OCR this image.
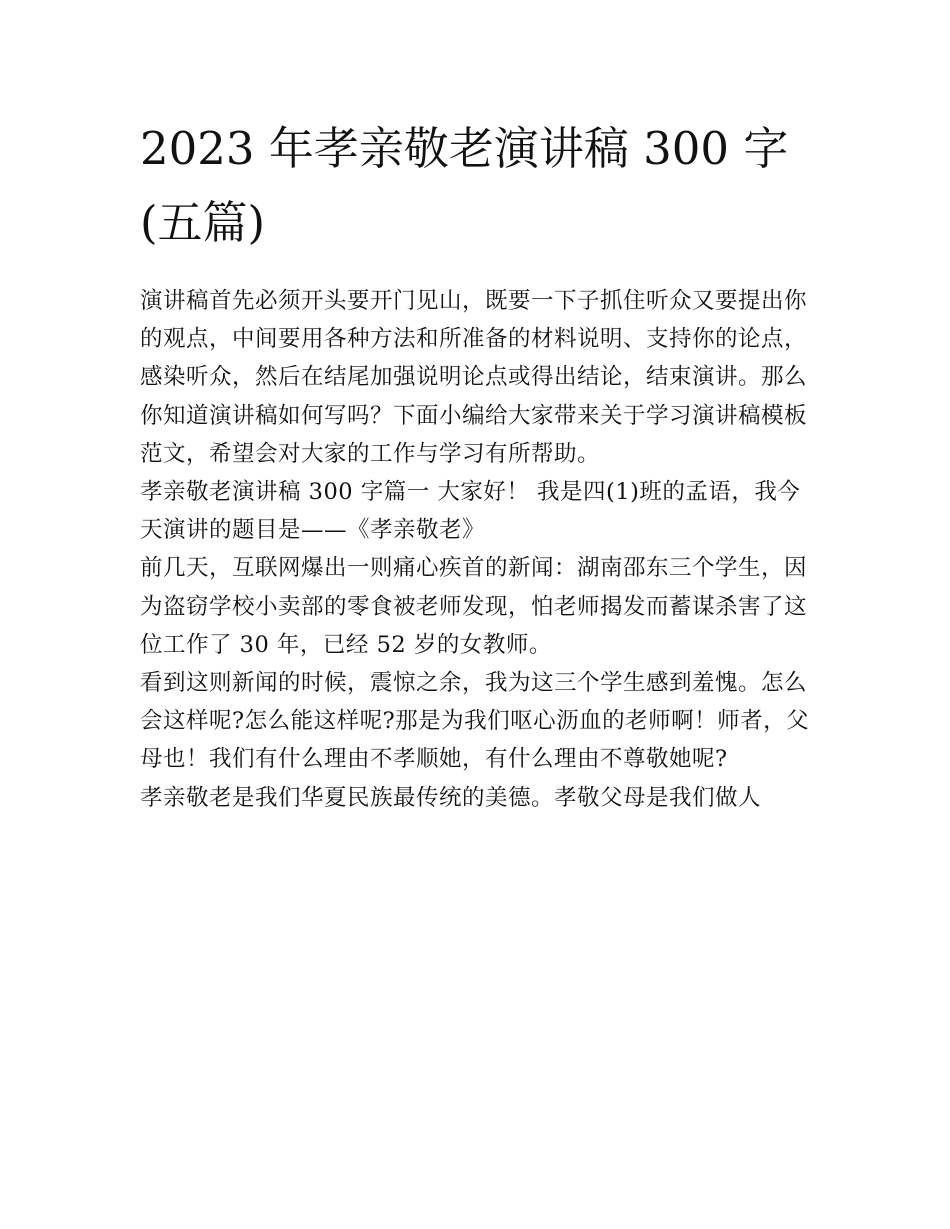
2023 年孝亲敬老演讲稿 300 字
(五篇)

演讲稿首先必须开头要开门见山，既要一下子抓住听众又要提出你的观点，中间要用各种方法和所准备的材料说明、支持你的论点，感染听众，然后在结尾加强说明论点或得出结论，结束演讲。那么你知道演讲稿如何写吗？下面小编给大家带来关于学习演讲稿模板范文，希望会对大家的工作与学习有所帮助。

孝亲敬老演讲稿 300 字篇一 大家好！ 我是四(1)班的孟语，我今天演讲的题目是——《孝亲敬老》

前几天，互联网爆出一则痛心疾首的新闻：湖南邵东三个学生，因为盗窃学校小卖部的零食被老师发现，怕老师揭发而蓄谋杀害了这位工作了 30 年，已经 52 岁的女教师。

看到这则新闻的时候，震惊之余，我为这三个学生感到羞愧。怎么会这样呢?怎么能这样呢?那是为我们呕心沥血的老师啊！师者，父母也！我们有什么理由不孝顺她，有什么理由不尊敬她呢?

孝亲敬老是我们华夏民族最传统的美德。孝敬父母是我们做人
